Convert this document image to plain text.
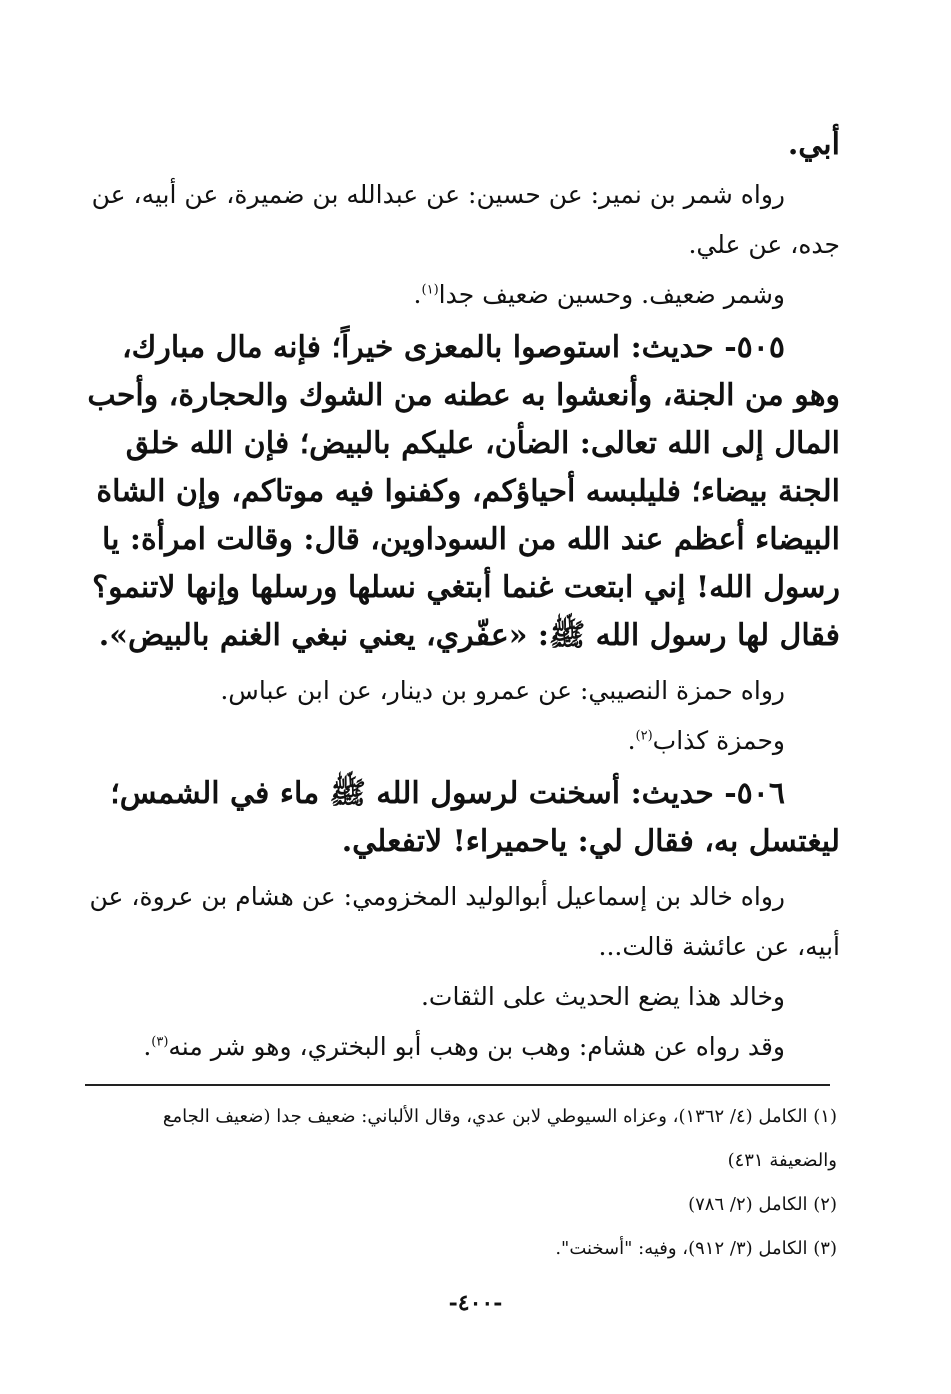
أبي.

رواه شمر بن نمير: عن حسين: عن عبدالله بن ضميرة، عن أبيه، عن

جده، عن علي.

وشمر ضعيف. وحسين ضعيف جدا$^{(١)}$.

٥٠٥- حديث: استوصوا بالمعزى خيراً؛ فإنه مال مبارك،

وهو من الجنة، وأنعشوا به عطنه من الشوك والحجارة، وأحب

المال إلى الله تعالى: الضأن، عليكم بالبيض؛ فإن الله خلق

الجنة بيضاء؛ فليلبسه أحياؤكم، وكفنوا فيه موتاكم، وإن الشاة

البيضاء أعظم عند الله من السوداوين، قال: وقالت امرأة: يا

رسول الله! إني ابتعت غنما أبتغي نسلها ورسلها وإنها لاتنمو؟

فقال لها رسول الله ﷺ: «عفّري، يعني نبغي الغنم بالبيض».

رواه حمزة النصيبي: عن عمرو بن دينار، عن ابن عباس.

وحمزة كذاب$^{(٢)}$.

٥٠٦- حديث: أسخنت لرسول الله ﷺ ماء في الشمس؛

ليغتسل به، فقال لي: ياحميراء! لاتفعلي.

رواه خالد بن إسماعيل أبوالوليد المخزومي: عن هشام بن عروة، عن

أبيه، عن عائشة قالت...

وخالد هذا يضع الحديث على الثقات.

وقد رواه عن هشام: وهب بن وهب أبو البختري، وهو شر منه$^{(٣)}$.

(١) الكامل (٤/ ١٣٦٢)، وعزاه السيوطي لابن عدي، وقال الألباني: ضعيف جدا (ضعيف الجامع

والضعيفة ٤٣١)

(٢) الكامل (٢/ ٧٨٦)

(٣) الكامل (٣/ ٩١٢)، وفيه: "أسخنت".

-٤٠٠-
